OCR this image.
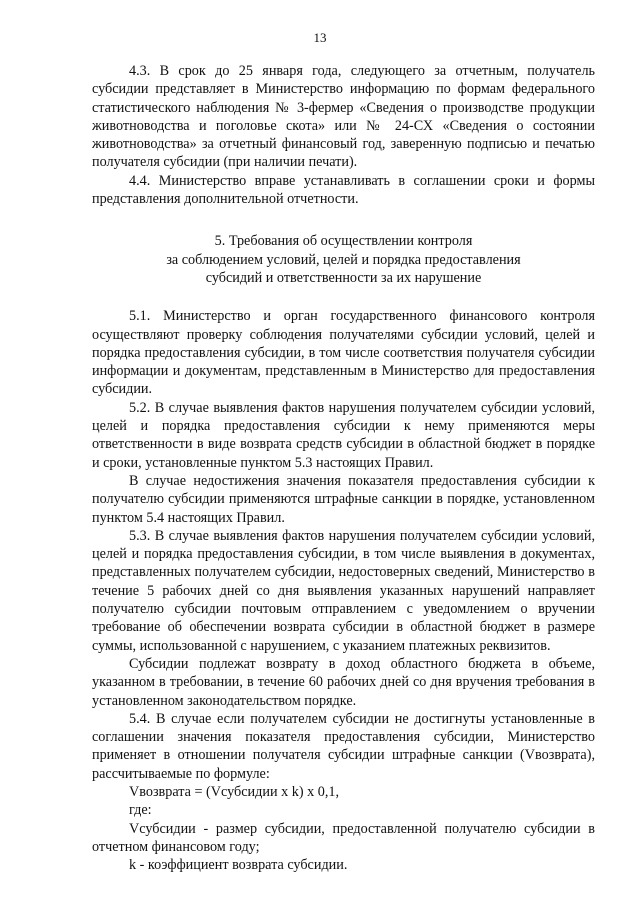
13

4.3. В срок до 25 января года, следующего за отчетным, получатель субсидии представляет в Министерство информацию по формам федерального статистического наблюдения № 3-фермер «Сведения о производстве продукции животноводства и поголовье скота» или № 24-СХ «Сведения о состоянии животноводства» за отчетный финансовый год, заверенную подписью и печатью получателя субсидии (при наличии печати).

4.4. Министерство вправе устанавливать в соглашении сроки и формы представления дополнительной отчетности.

5. Требования об осуществлении контроля
за соблюдением условий, целей и порядка предоставления
субсидий и ответственности за их нарушение

5.1. Министерство и орган государственного финансового контроля осуществляют проверку соблюдения получателями субсидии условий, целей и порядка предоставления субсидии, в том числе соответствия получателя субсидии информации и документам, представленным в Министерство для предоставления субсидии.

5.2. В случае выявления фактов нарушения получателем субсидии условий, целей и порядка предоставления субсидии к нему применяются меры ответственности в виде возврата средств субсидии в областной бюджет в порядке и сроки, установленные пунктом 5.3 настоящих Правил.

В случае недостижения значения показателя предоставления субсидии к получателю субсидии применяются штрафные санкции в порядке, установленном пунктом 5.4 настоящих Правил.

5.3. В случае выявления фактов нарушения получателем субсидии условий, целей и порядка предоставления субсидии, в том числе выявления в документах, представленных получателем субсидии, недостоверных сведений, Министерство в течение 5 рабочих дней со дня выявления указанных нарушений направляет получателю субсидии почтовым отправлением с уведомлением о вручении требование об обеспечении возврата субсидии в областной бюджет в размере суммы, использованной с нарушением, с указанием платежных реквизитов.

Субсидии подлежат возврату в доход областного бюджета в объеме, указанном в требовании, в течение 60 рабочих дней со дня вручения требования в установленном законодательством порядке.

5.4. В случае если получателем субсидии не достигнуты установленные в соглашении значения показателя предоставления субсидии, Министерство применяет в отношении получателя субсидии штрафные санкции (Vвозврата), рассчитываемые по формуле:

Vвозврата = (Vсубсидии x k) x 0,1,

где:

Vсубсидии - размер субсидии, предоставленной получателю субсидии в отчетном финансовом году;

k - коэффициент возврата субсидии.
